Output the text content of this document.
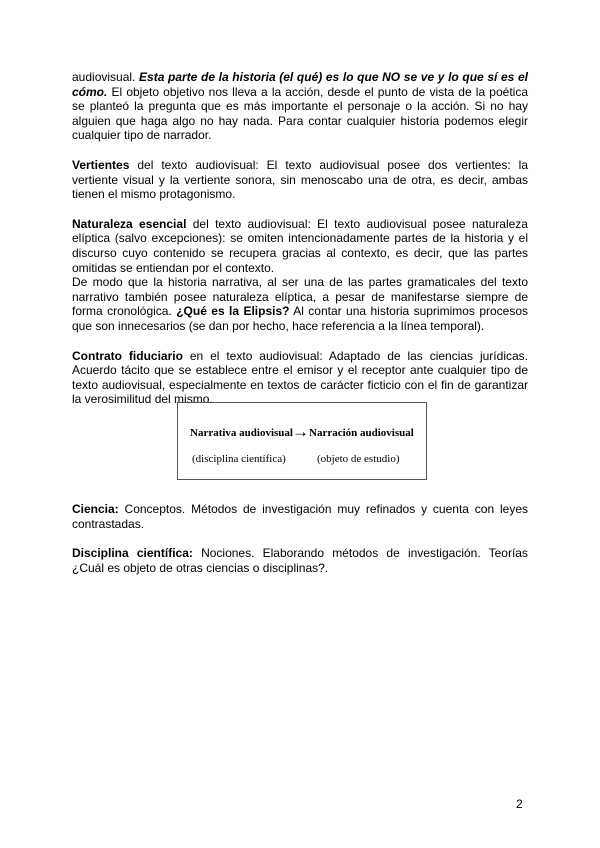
audiovisual. Esta parte de la historia (el qué) es lo que NO se ve y lo que sí es el cómo. El objeto objetivo nos lleva a la acción, desde el punto de vista de la poética se planteó la pregunta que es más importante el personaje o la acción. Si no hay alguien que haga algo no hay nada. Para contar cualquier historia podemos elegir cualquier tipo de narrador.

Vertientes del texto audiovisual: El texto audiovisual posee dos vertientes: la vertiente visual y la vertiente sonora, sin menoscabo una de otra, es decir, ambas tienen el mismo protagonismo.

Naturaleza esencial del texto audiovisual: El texto audiovisual posee naturaleza elíptica (salvo excepciones): se omiten intencionadamente partes de la historia y el discurso cuyo contenido se recupera gracias al contexto, es decir, que las partes omitidas se entiendan por el contexto.

De modo que la historia narrativa, al ser una de las partes gramaticales del texto narrativo también posee naturaleza elíptica, a pesar de manifestarse siempre de forma cronológica. ¿Qué es la Elipsis? Al contar una historia suprimimos procesos que son innecesarios (se dan por hecho, hace referencia a la línea temporal).

Contrato fiduciario en el texto audiovisual: Adaptado de las ciencias jurídicas. Acuerdo tácito que se establece entre el emisor y el receptor ante cualquier tipo de texto audiovisual, especialmente en textos de carácter ficticio con el fin de garantizar la verosimilitud del mismo.

Narrativa audiovisual → Narración audiovisual
(disciplina científica)	(objeto de estudio)

Ciencia: Conceptos. Métodos de investigación muy refinados y cuenta con leyes contrastadas.

Disciplina científica: Nociones. Elaborando métodos de investigación. Teorías ¿Cuál es objeto de otras ciencias o disciplinas?.

2
